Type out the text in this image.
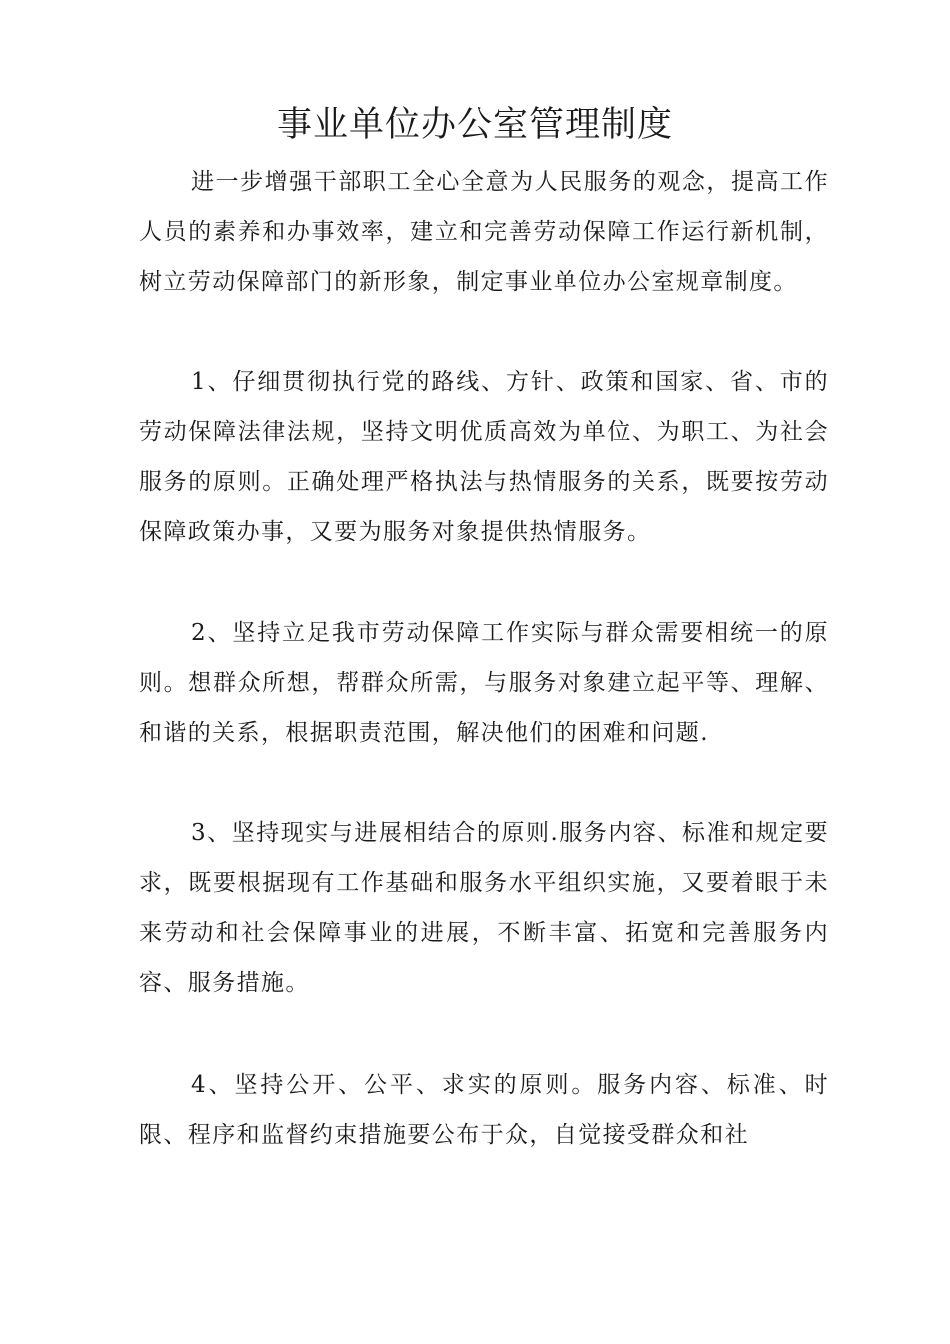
事业单位办公室管理制度

进一步增强干部职工全心全意为人民服务的观念，提高工作人员的素养和办事效率，建立和完善劳动保障工作运行新机制，树立劳动保障部门的新形象，制定事业单位办公室规章制度。

1、仔细贯彻执行党的路线、方针、政策和国家、省、市的劳动保障法律法规，坚持文明优质高效为单位、为职工、为社会服务的原则。正确处理严格执法与热情服务的关系，既要按劳动保障政策办事，又要为服务对象提供热情服务。

2、坚持立足我市劳动保障工作实际与群众需要相统一的原则。想群众所想，帮群众所需，与服务对象建立起平等、理解、和谐的关系，根据职责范围，解决他们的困难和问题.

3、坚持现实与进展相结合的原则.服务内容、标准和规定要求，既要根据现有工作基础和服务水平组织实施，又要着眼于未来劳动和社会保障事业的进展，不断丰富、拓宽和完善服务内容、服务措施。

4、坚持公开、公平、求实的原则。服务内容、标准、时限、程序和监督约束措施要公布于众，自觉接受群众和社
